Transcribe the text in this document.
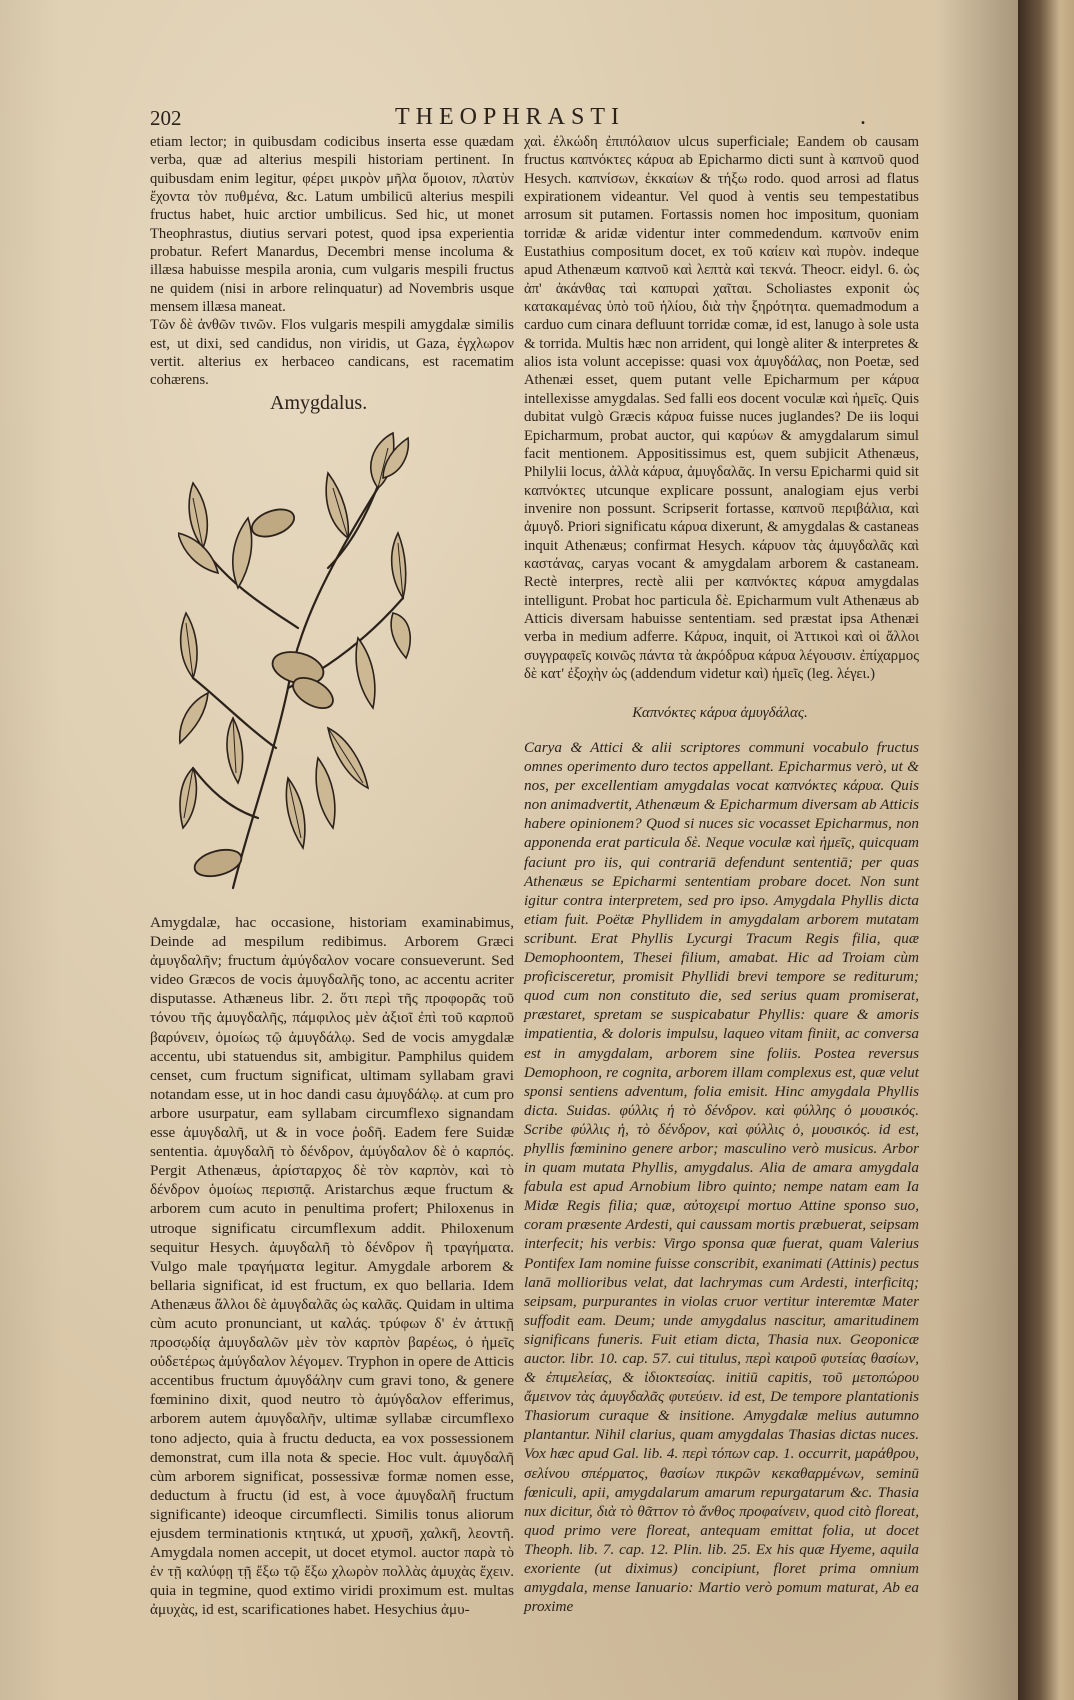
202	THEOPHRASTI	.

etiam lector; in quibusdam codicibus inserta esse quædam verba, quæ ad alterius mespili historiam pertinent. In quibusdam enim legitur, φέρει μικρὸν μῆλα ὅμοιον, πλατὺν ἔχοντα τὸν πυθμένα, &c. Latum umbilicū alterius mespili fructus habet, huic arctior umbilicus. Sed hic, ut monet Theophrastus, diutius servari potest, quod ipsa experientia probatur. Refert Manardus, Decembri mense incoluma & illæsa habuisse mespila aronia, cum vulgaris mespili fructus ne quidem (nisi in arbore relinquatur) ad Novembris usque mensem illæsa maneat.

Τῶν δὲ ἀνθῶν τινῶν. Flos vulgaris mespili amygdalæ similis est, ut dixi, sed candidus, non viridis, ut Gaza, ἐγχλωρον vertit. alterius ex herbaceo candicans, est racematim cohærens.

Amygdalus.

Amygdalæ, hac occasione, historiam examinabimus, Deinde ad mespilum redibimus. Arborem Græci ἀμυγδαλῆν; fructum ἀμύγδαλον vocare consueverunt. Sed video Græcos de vocis ἀμυγδαλῆς tono, ac accentu acriter disputasse. Athæneus libr. 2. ὅτι περὶ τῆς προφορᾶς τοῦ τόνου τῆς ἀμυγδαλῆς, πάμφιλος μὲν ἀξιοῖ ἐπὶ τοῦ καρποῦ βαρύνειν, ὁμοίως τῷ ἀμυγδάλῳ. Sed de vocis amygdalæ accentu, ubi statuendus sit, ambigitur. Pamphilus quidem censet, cum fructum significat, ultimam syllabam gravi notandam esse, ut in hoc dandi casu ἀμυγδάλῳ. at cum pro arbore usurpatur, eam syllabam circumflexo signandam esse ἀμυγδαλῆ, ut & in voce ῥοδῆ. Eadem fere Suidæ sententia. ἀμυγδαλῆ τὸ δένδρον, ἀμύγδαλον δὲ ὁ καρπός. Pergit Athenæus, ἀρίσταρχος δὲ τὸν καρπὸν, καὶ τὸ δένδρον ὁμοίως περισπᾷ. Aristarchus æque fructum & arborem cum acuto in penultima profert; Philoxenus in utroque significatu circumflexum addit. Philoxenum sequitur Hesych. ἀμυγδαλῆ τὸ δένδρον ἢ τραγήματα. Vulgo male τραγήματα legitur. Amygdale arborem & bellaria significat, id est fructum, ex quo bellaria. Idem Athenæus ἄλλοι δὲ ἀμυγδαλᾶς ὡς καλᾶς. Quidam in ultima cùm acuto pronunciant, ut καλάς. τρύφων δ' ἐν ἀττικῇ προσῳδίᾳ ἀμυγδαλῶν μὲν τὸν καρπὸν βαρέως, ὁ ἡμεῖς οὐδετέρως ἀμύγδαλον λέγομεν. Tryphon in opere de Atticis accentibus fructum ἀμυγδάλην cum gravi tono, & genere fœminino dixit, quod neutro τὸ ἀμύγδαλον efferimus, arborem autem ἀμυγδαλῆν, ultimæ syllabæ circumflexo tono adjecto, quia à fructu deducta, ea vox possessionem demonstrat, cum illa nota & specie. Hoc vult. ἀμυγδαλῆ cùm arborem significat, possessivæ formæ nomen esse, deductum à fructu (id est, à voce ἀμυγδαλῆ fructum significante) ideoque circumflecti. Similis tonus aliorum ejusdem terminationis κτητικά, ut χρυσῆ, χαλκῆ, λεοντῆ. Amygdala nomen accepit, ut docet etymol. auctor παρὰ τὸ ἐν τῇ καλύφῃ τῇ ἔξω τῷ ἔξω χλωρὸν πολλὰς ἀμυχὰς ἔχειν. quia in tegmine, quod extimo viridi proximum est. multas ἀμυχὰς, id est, scarificationes habet. Hesychius ἀμυ-

χαὶ. ἐλκώδη ἐπιπόλαιον ulcus superficiale; Eandem ob causam fructus καπνόκτες κάρυα ab Epicharmo dicti sunt à καπνοῦ quod Hesych. καπνίσων, ἐκκαίων & τήξω rodo. quod arrosi ad flatus expirationem videantur. Vel quod à ventis seu tempestatibus arrosum sit putamen. Fortassis nomen hoc impositum, quoniam torridæ & aridæ videntur inter commedendum. καπνοῦν enim Eustathius compositum docet, ex τοῦ καίειν καὶ πυρὸν. indeque apud Athenæum καπνοῦ καὶ λεπτὰ καὶ τεκνά. Theocr. eidyl. 6. ὡς ἀπ' ἀκάνθας ταὶ καπυραὶ χαῖται. Scholiastes exponit ὡς κατακαμένας ὑπὸ τοῦ ἡλίου, διὰ τὴν ξηρότητα. quemadmodum a carduo cum cinara defluunt torridæ comæ, id est, lanugo à sole usta & torrida. Multis hæc non arrident, qui longè aliter & interpretes & alios ista volunt accepisse: quasi vox ἀμυγδάλας, non Poetæ, sed Athenæi esset, quem putant velle Epicharmum per κάρυα intellexisse amygdalas. Sed falli eos docent voculæ καὶ ἡμεῖς. Quis dubitat vulgò Græcis κάρυα fuisse nuces juglandes? De iis loqui Epicharmum, probat auctor, qui καρύων & amygdalarum simul facit mentionem. Appositissimus est, quem subjicit Athenæus, Philylii locus, ἀλλὰ κάρυα, ἀμυγδαλᾶς. In versu Epicharmi quid sit καπνόκτες utcunque explicare possunt, analogiam ejus verbi invenire non possunt. Scripserit fortasse, καπνοῦ περιβάλια, καὶ ἀμυγδ. Priori significatu κάρυα dixerunt, & amygdalas & castaneas inquit Athenæus; confirmat Hesych. κάρυον τὰς ἀμυγδαλᾶς καὶ καστάνας, caryas vocant & amygdalam arborem & castaneam. Rectè interpres, rectè alii per καπνόκτες κάρυα amygdalas intelligunt. Probat hoc particula δὲ. Epicharmum vult Athenæus ab Atticis diversam habuisse sententiam. sed præstat ipsa Athenæi verba in medium adferre. Κάρυα, inquit, οἱ Ἀττικοὶ καὶ οἱ ἄλλοι συγγραφεῖς κοινῶς πάντα τὰ ἀκρόδρυα κάρυα λέγουσιν. ἐπίχαρμος δὲ κατ' ἐξοχὴν ὡς (addendum videtur καὶ) ἡμεῖς (leg. λέγει.)

Καπνόκτες κάρυα ἀμυγδάλας.

Carya & Attici & alii scriptores communi vocabulo fructus omnes operimento duro tectos appellant. Epicharmus verò, ut & nos, per excellentiam amygdalas vocat καπνόκτες κάρυα. Quis non animadvertit, Athenæum & Epicharmum diversam ab Atticis habere opinionem? Quod si nuces sic vocasset Epicharmus, non apponenda erat particula δὲ. Neque voculæ καὶ ἡμεῖς, quicquam faciunt pro iis, qui contrariā defendunt sententiā; per quas Athenæus se Epicharmi sententiam probare docet. Non sunt igitur contra interpretem, sed pro ipso. Amygdala Phyllis dicta etiam fuit. Poëtæ Phyllidem in amygdalam arborem mutatam scribunt. Erat Phyllis Lycurgi Tracum Regis filia, quæ Demophoontem, Thesei filium, amabat. Hic ad Troiam cùm proficisceretur, promisit Phyllidi brevi tempore se rediturum; quod cum non constituto die, sed serius quam promiserat, præstaret, spretam se suspicabatur Phyllis: quare & amoris impatientia, & doloris impulsu, laqueo vitam finiit, ac conversa est in amygdalam, arborem sine foliis. Postea reversus Demophoon, re cognita, arborem illam complexus est, quæ velut sponsi sentiens adventum, folia emisit. Hinc amygdala Phyllis dicta. Suidas. φύλλις ἡ τὸ δένδρον. καὶ φύλλης ὁ μουσικός. Scribe φύλλις ἡ, τὸ δένδρον, καὶ φύλλις ὁ, μουσικός. id est, phyllis fœminino genere arbor; masculino verò musicus. Arbor in quam mutata Phyllis, amygdalus. Alia de amara amygdala fabula est apud Arnobium libro quinto; nempe natam eam Ia Midæ Regis filia; quæ, αὐτοχειρί mortuo Attine sponso suo, coram præsente Ardesti, qui caussam mortis præbuerat, seipsam interfecit; his verbis: Virgo sponsa quæ fuerat, quam Valerius Pontifex Iam nomine fuisse conscribit, exanimati (Attinis) pectus lanā mollioribus velat, dat lachrymas cum Ardesti, interficitq; seipsam, purpurantes in violas cruor vertitur interemtæ Mater suffodit eam. Deum; unde amygdalus nascitur, amaritudinem significans funeris. Fuit etiam dicta, Thasia nux. Geoponicæ auctor. libr. 10. cap. 57. cui titulus, περὶ καιροῦ φυτείας θασίων, & ἐπιμελείας, & ἰδιοκτεσίας. initiū capitis, τοῦ μετοπώρου ἄμεινον τὰς ἀμυγδαλᾶς φυτεύειν. id est, De tempore plantationis Thasiorum curaque & insitione. Amygdalæ melius autumno plantantur. Nihil clarius, quam amygdalas Thasias dictas nuces. Vox hæc apud Gal. lib. 4. περὶ τόπων cap. 1. occurrit, μαράθρου, σελίνου σπέρματος, θασίων πικρῶν κεκαθαρμένων, seminū fœniculi, apii, amygdalarum amarum repurgatarum &c. Thasia nux dicitur, διὰ τὸ θᾶττον τὸ ἄνθος προφαίνειν, quod citò floreat, quod primo vere floreat, antequam emittat folia, ut docet Theoph. lib. 7. cap. 12. Plin. lib. 25. Ex his quæ Hyeme, aquila exoriente (ut diximus) concipiunt, floret prima omnium amygdala, mense Ianuario: Martio verò pomum maturat, Ab ea proxime
